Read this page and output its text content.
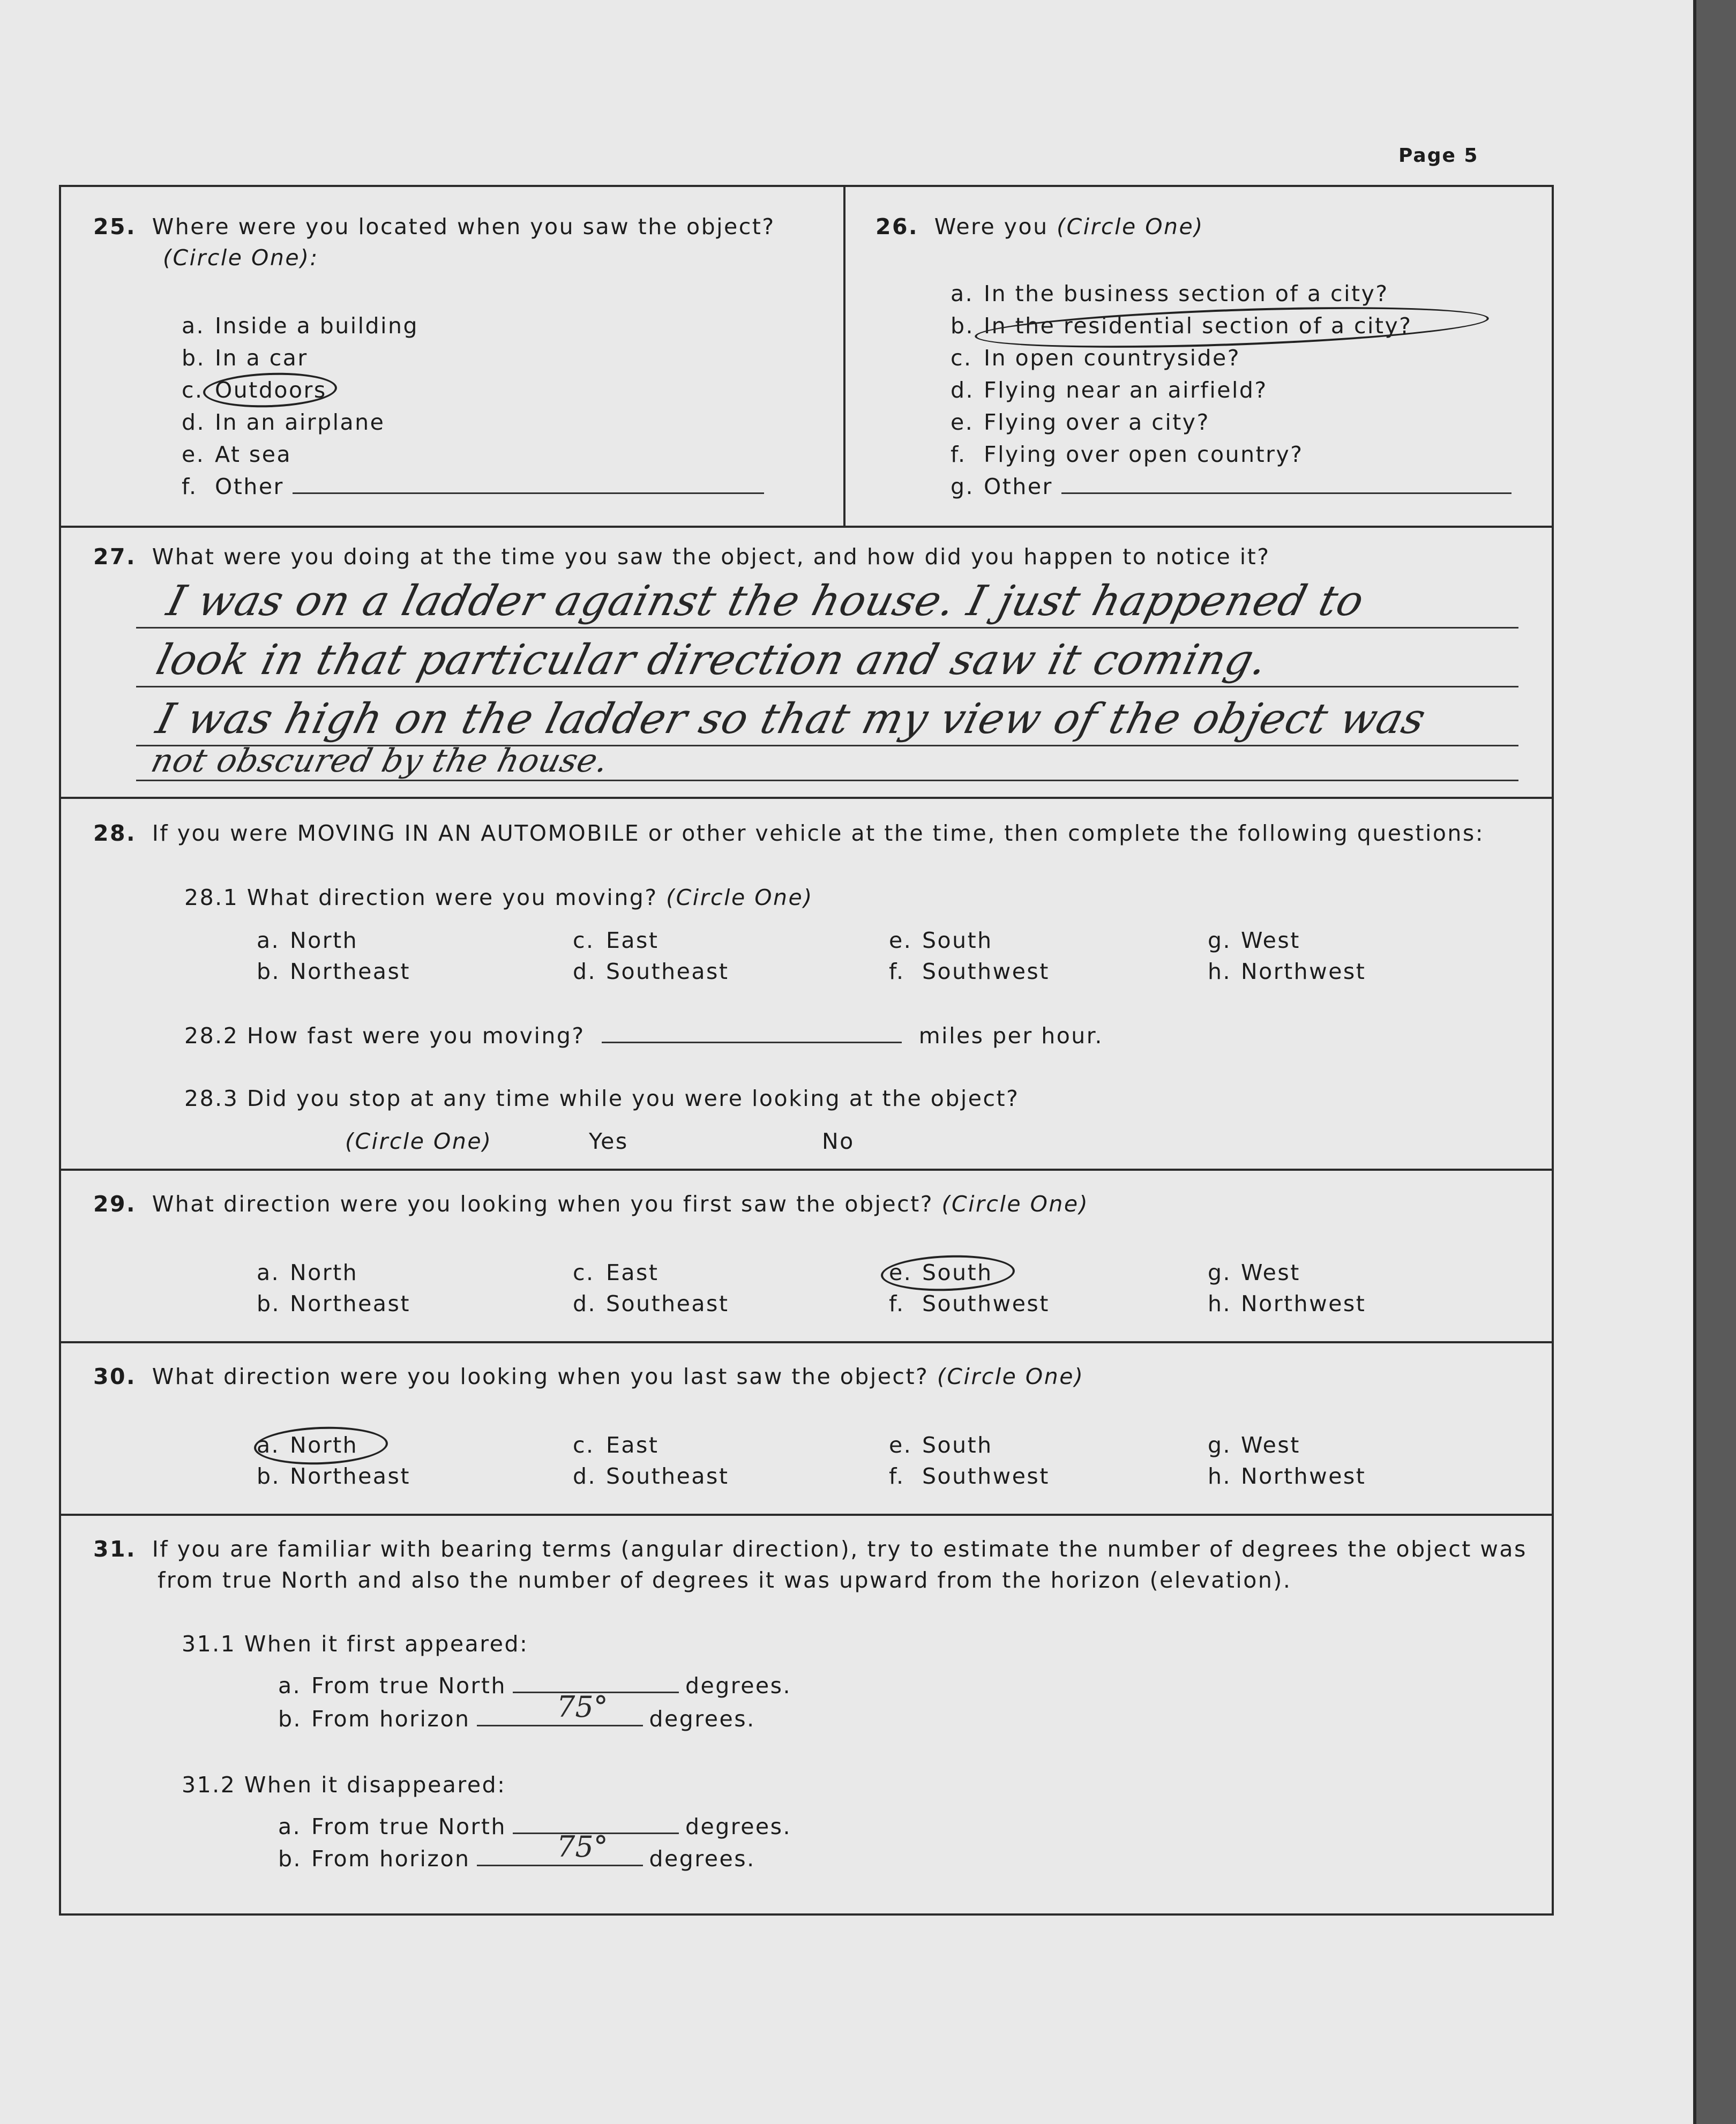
Page 5
25. Where were you located when you saw the object?
(Circle One):
a. Inside a building
b. In a car
c. Outdoors
d. In an airplane
e. At sea
f. Other
26. Were you (Circle One)
a. In the business section of a city?
b. In the residential section of a city?
c. In open countryside?
d. Flying near an airfield?
e. Flying over a city?
f. Flying over open country?
g. Other
27. What were you doing at the time you saw the object, and how did you happen to notice it?
I was on a ladder against the house. I just happened to
look in that particular direction and saw it coming.
I was high on the ladder so that my view of the object was
not obscured by the house.
28. If you were MOVING IN AN AUTOMOBILE or other vehicle at the time, then complete the following questions:
28.1 What direction were you moving? (Circle One)
a. North
b. Northeast
c. East
d. Southeast
e. South
f. Southwest
g. West
h. Northwest
28.2 How fast were you moving?	miles per hour.
28.3 Did you stop at any time while you were looking at the object?
(Circle One)	Yes	No
29. What direction were you looking when you first saw the object? (Circle One)
a. North
b. Northeast
c. East
d. Southeast
e. South
f. Southwest
g. West
h. Northwest
30. What direction were you looking when you last saw the object? (Circle One)
a. North
b. Northeast
c. East
d. Southeast
e. South
f. Southwest
g. West
h. Northwest
31. If you are familiar with bearing terms (angular direction), try to estimate the number of degrees the object was
from true North and also the number of degrees it was upward from the horizon (elevation).
31.1 When it first appeared:
a. From true North	degrees.
b. From horizon	degrees.
75°
31.2 When it disappeared:
a. From true North	degrees.
b. From horizon	degrees.
75°
